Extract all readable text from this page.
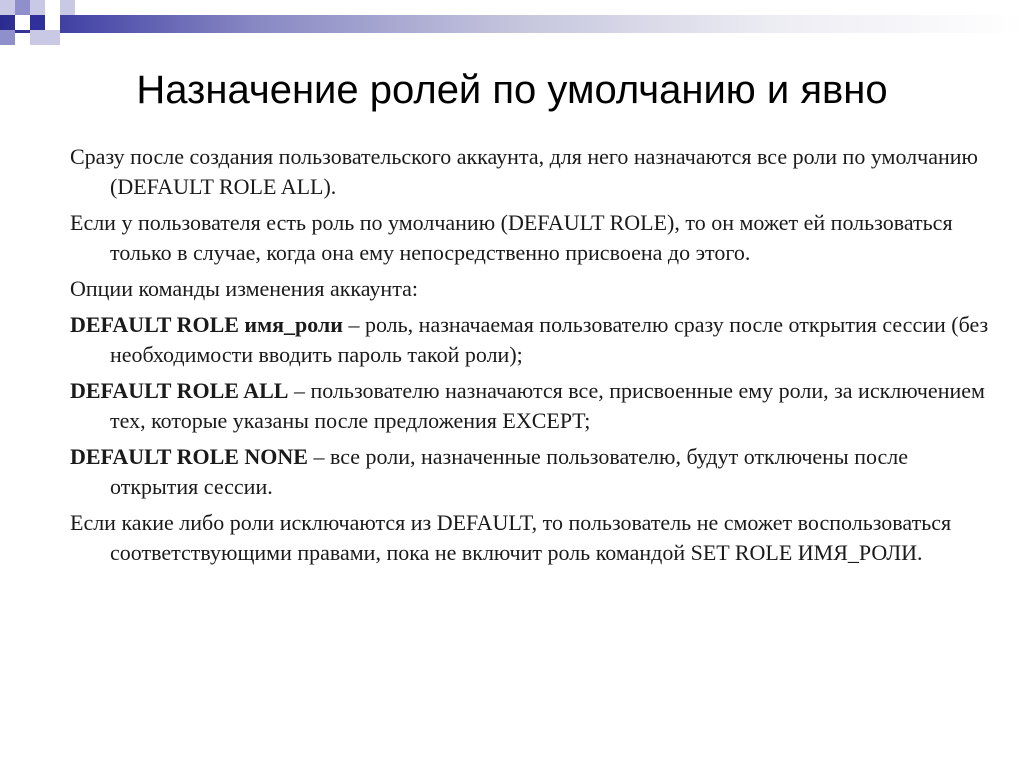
Назначение ролей по умолчанию и явно

Сразу после создания пользовательского аккаунта, для него назначаются все роли по умолчанию (DEFAULT ROLE ALL).

Если у пользователя есть роль по умолчанию (DEFAULT ROLE), то он может ей пользоваться только в случае, когда она ему непосредственно присвоена до этого.

Опции команды изменения аккаунта:

DEFAULT ROLE имя_роли – роль, назначаемая пользователю сразу после открытия сессии (без необходимости вводить пароль такой роли);

DEFAULT ROLE ALL – пользователю назначаются все, присвоенные ему роли, за исключением тех, которые указаны после предложения EXCEPT;

DEFAULT ROLE NONE – все роли, назначенные пользователю, будут отключены после открытия сессии.

Если какие либо роли исключаются из DEFAULT, то пользователь не сможет воспользоваться соответствующими правами, пока не включит роль командой SET ROLE ИМЯ_РОЛИ.
